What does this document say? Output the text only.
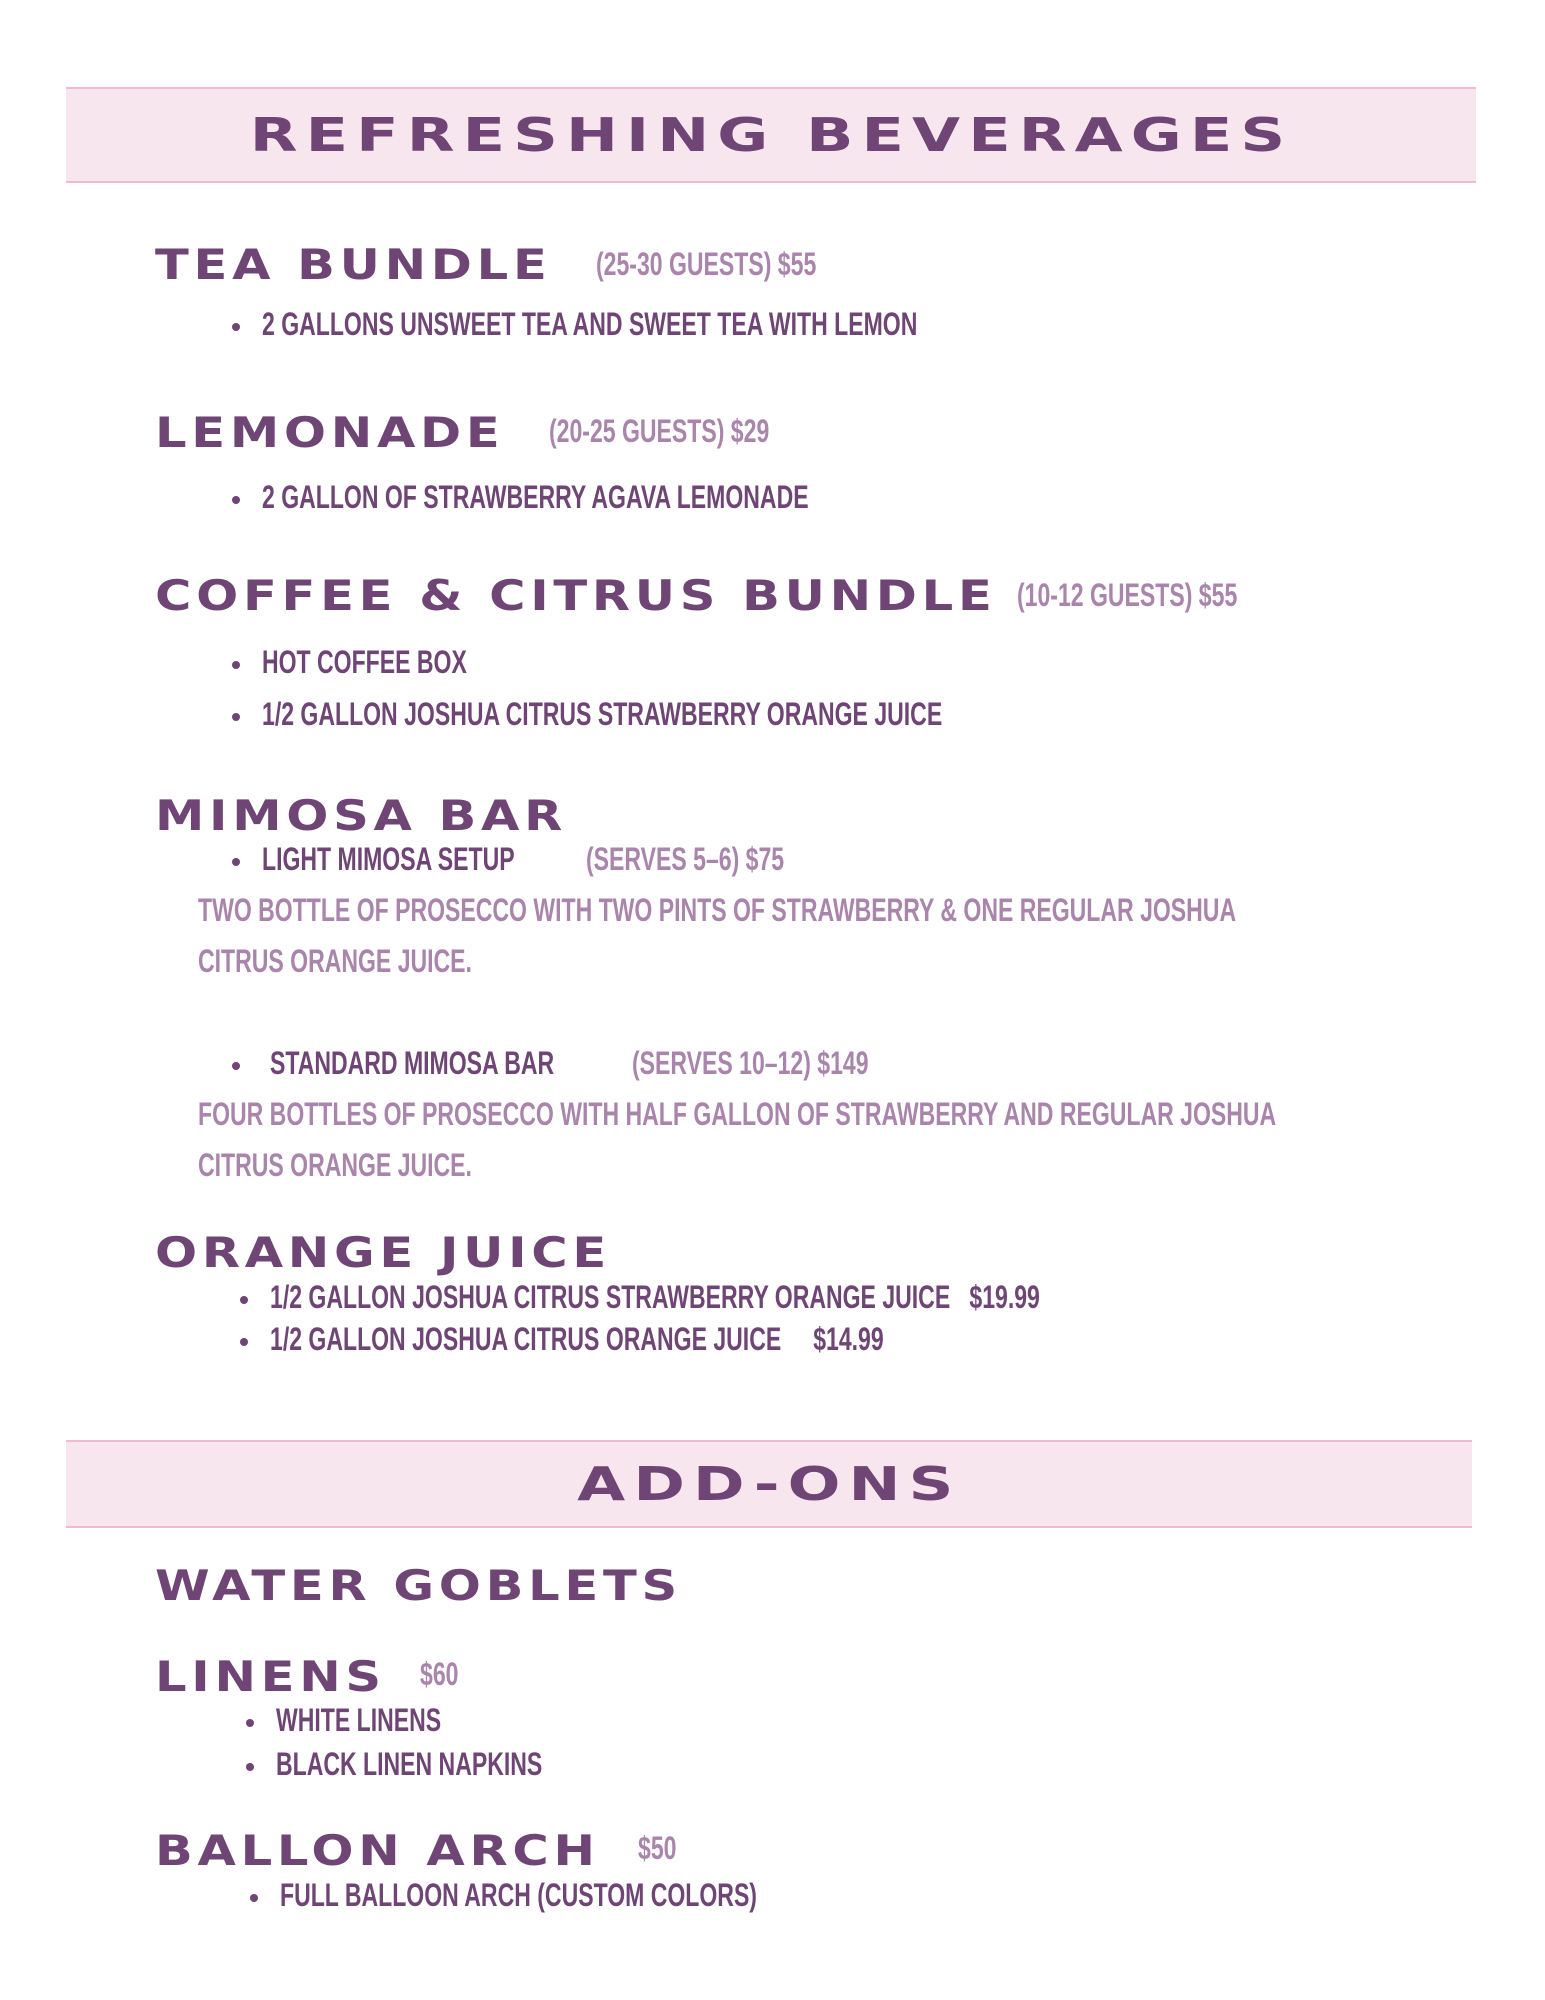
REFRESHING BEVERAGES
TEA BUNDLE (25-30 GUESTS) $55
2 GALLONS UNSWEET TEA AND SWEET TEA WITH LEMON
LEMONADE (20-25 GUESTS) $29
2 GALLON OF STRAWBERRY AGAVA LEMONADE
COFFEE & CITRUS BUNDLE (10-12 GUESTS) $55
HOT COFFEE BOX
1/2 GALLON JOSHUA CITRUS STRAWBERRY ORANGE JUICE
MIMOSA BAR
LIGHT MIMOSA SETUP (SERVES 5–6) $75
TWO BOTTLE OF PROSECCO WITH TWO PINTS OF STRAWBERRY & ONE REGULAR JOSHUA
CITRUS ORANGE JUICE.
STANDARD MIMOSA BAR (SERVES 10–12) $149
FOUR BOTTLES OF PROSECCO WITH HALF GALLON OF STRAWBERRY AND REGULAR JOSHUA
CITRUS ORANGE JUICE.
ORANGE JUICE
1/2 GALLON JOSHUA CITRUS STRAWBERRY ORANGE JUICE $19.99
1/2 GALLON JOSHUA CITRUS ORANGE JUICE $14.99
ADD-ONS
WATER GOBLETS
LINENS $60
WHITE LINENS
BLACK LINEN NAPKINS
BALLON ARCH $50
FULL BALLOON ARCH (CUSTOM COLORS)
